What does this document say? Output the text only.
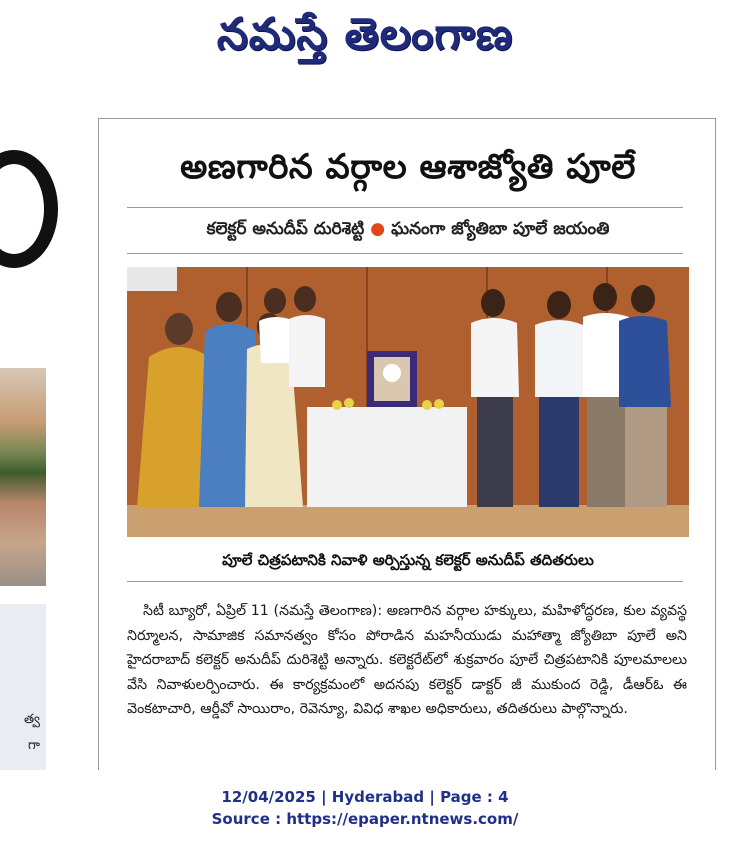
నమస్తే తెలంగాణ
త్వ
గా
అణగారిన వర్గాల ఆశాజ్యోతి పూలే
కలెక్టర్ అనుదీప్ దురిశెట్టి ● ఘనంగా జ్యోతిబా పూలే జయంతి
పూలే చిత్రపటానికి నివాళి అర్పిస్తున్న కలెక్టర్ అనుదీప్ తదితరులు

సిటీ బ్యూరో, ఏప్రిల్ 11 (నమస్తే తెలంగాణ): అణగారిన వర్గాల హక్కులు, మహిళోద్ధరణ, కుల వ్యవస్థ నిర్మూలన, సామాజిక సమానత్వం కోసం పోరాడిన మహనీయుడు మహాత్మా జ్యోతిబా పూలే అని హైదరాబాద్ కలెక్టర్ అనుదీప్ దురిశెట్టి అన్నారు. కలెక్టరేట్‌లో శుక్రవారం పూలే చిత్రపటానికి పూలమాలలు వేసి నివాళులర్పించారు. ఈ కార్యక్రమంలో అదనపు కలెక్టర్ డాక్టర్ జీ ముకుంద రెడ్డి, డీఆర్ఓ ఈ వెంకటాచారి, ఆర్డీవో సాయిరాం, రెవెన్యూ, వివిధ శాఖల అధికారులు, తదితరులు పాల్గొన్నారు.

12/04/2025 | Hyderabad | Page : 4
Source : https://epaper.ntnews.com/
